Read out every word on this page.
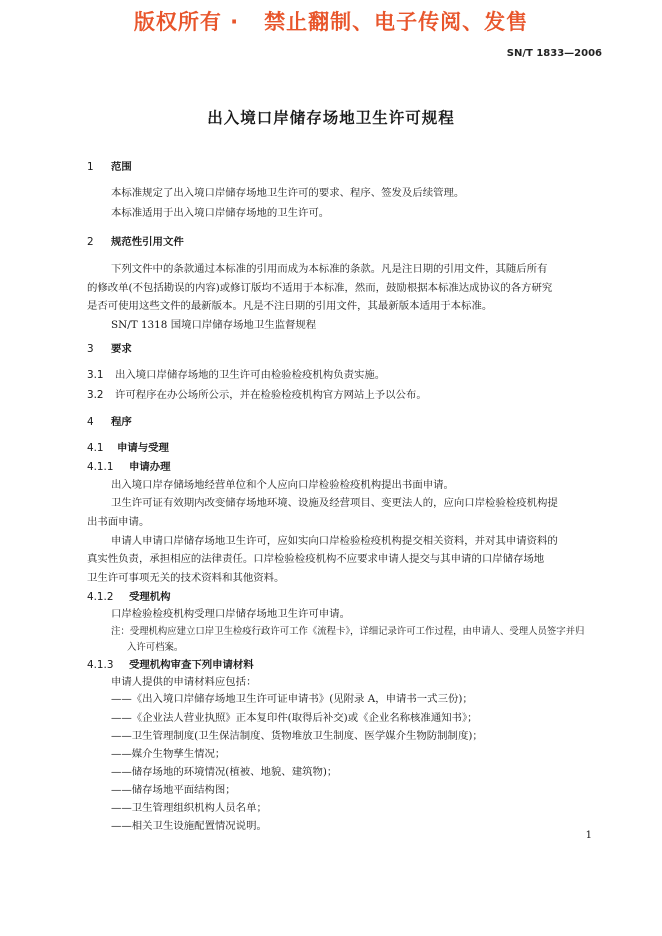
版权所有 ·   禁止翻制、电子传阅、发售
SN/T 1833—2006
出入境口岸储存场地卫生许可规程
1 范围
本标准规定了出入境口岸储存场地卫生许可的要求、程序、签发及后续管理。
本标准适用于出入境口岸储存场地的卫生许可。
2 规范性引用文件
下列文件中的条款通过本标准的引用而成为本标准的条款。凡是注日期的引用文件，其随后所有
的修改单(不包括勘误的内容)或修订版均不适用于本标准，然而，鼓励根据本标准达成协议的各方研究
是否可使用这些文件的最新版本。凡是不注日期的引用文件，其最新版本适用于本标准。
SN/T 1318 国境口岸储存场地卫生监督规程
3 要求
3.1 出入境口岸储存场地的卫生许可由检验检疫机构负责实施。
3.2 许可程序在办公场所公示，并在检验检疫机构官方网站上予以公布。
4 程序
4.1 申请与受理
4.1.1 申请办理
出入境口岸存储场地经营单位和个人应向口岸检验检疫机构提出书面申请。
卫生许可证有效期内改变储存场地环境、设施及经营项目、变更法人的，应向口岸检验检疫机构提
出书面申请。
申请人申请口岸储存场地卫生许可，应如实向口岸检验检疫机构提交相关资料，并对其申请资料的
真实性负责，承担相应的法律责任。口岸检验检疫机构不应要求申请人提交与其申请的口岸储存场地
卫生许可事项无关的技术资料和其他资料。
4.1.2 受理机构
口岸检验检疫机构受理口岸储存场地卫生许可申请。
注：受理机构应建立口岸卫生检疫行政许可工作《流程卡》，详细记录许可工作过程，由申请人、受理人员签字并归
入许可档案。
4.1.3 受理机构审查下列申请材料
申请人提供的申请材料应包括：
——《出入境口岸储存场地卫生许可证申请书》(见附录 A，申请书一式三份)；
——《企业法人营业执照》正本复印件(取得后补交)或《企业名称核准通知书》；
——卫生管理制度(卫生保洁制度、货物堆放卫生制度、医学媒介生物防制制度)；
——媒介生物孳生情况；
——储存场地的环境情况(植被、地貌、建筑物)；
——储存场地平面结构图；
——卫生管理组织机构人员名单；
——相关卫生设施配置情况说明。
1
